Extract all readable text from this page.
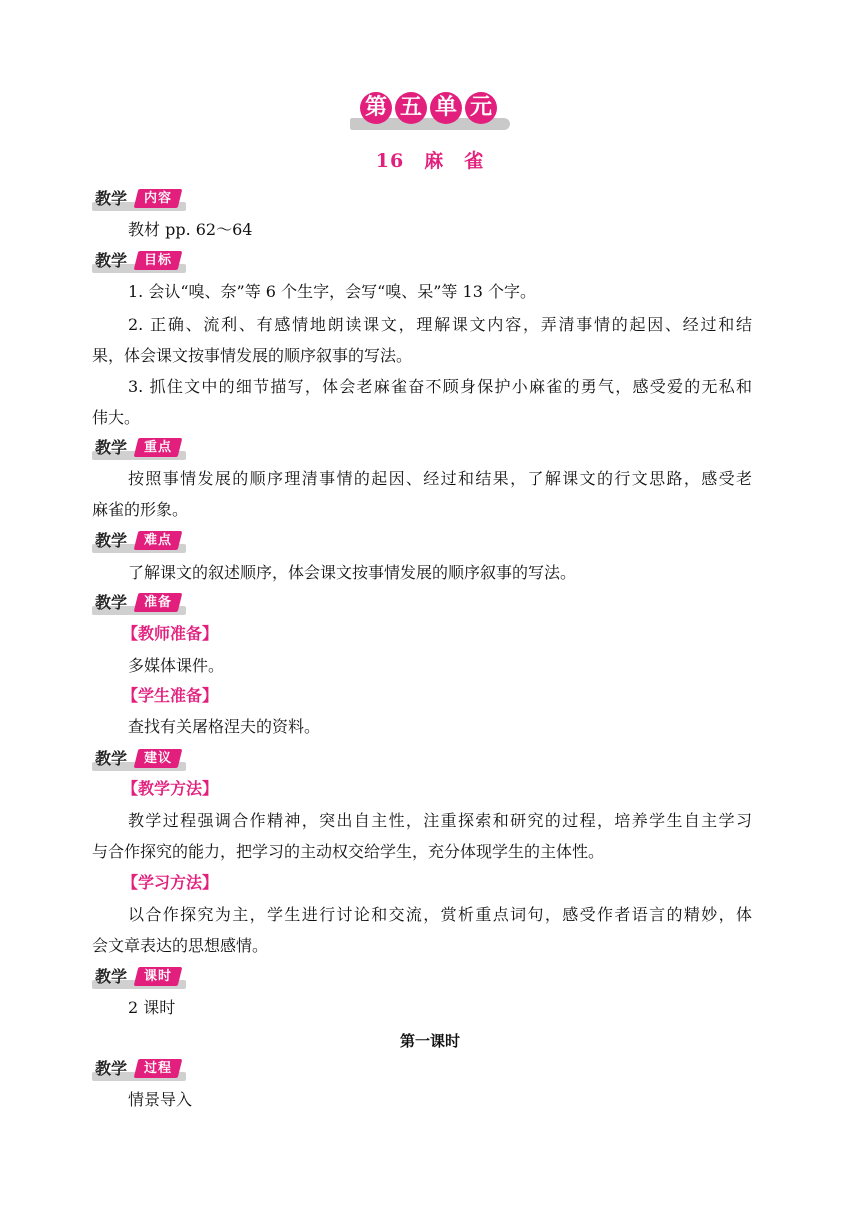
第 五 单 元
16　麻　雀
教学	内容
教材 pp. 62～64
教学	目标
1. 会认“嗅、奈”等 6 个生字，会写“嗅、呆”等 13 个字。
2. 正确、流利、有感情地朗读课文，理解课文内容，弄清事情的起因、经过和结
果，体会课文按事情发展的顺序叙事的写法。
3. 抓住文中的细节描写，体会老麻雀奋不顾身保护小麻雀的勇气，感受爱的无私和
伟大。
教学	重点
按照事情发展的顺序理清事情的起因、经过和结果，了解课文的行文思路，感受老
麻雀的形象。
教学	难点
了解课文的叙述顺序，体会课文按事情发展的顺序叙事的写法。
教学	准备
【教师准备】
多媒体课件。
【学生准备】
查找有关屠格涅夫的资料。
教学	建议
【教学方法】
教学过程强调合作精神，突出自主性，注重探索和研究的过程，培养学生自主学习
与合作探究的能力，把学习的主动权交给学生，充分体现学生的主体性。
【学习方法】
以合作探究为主，学生进行讨论和交流，赏析重点词句，感受作者语言的精妙，体
会文章表达的思想感情。
教学	课时
2 课时
第一课时
教学	过程
情景导入
